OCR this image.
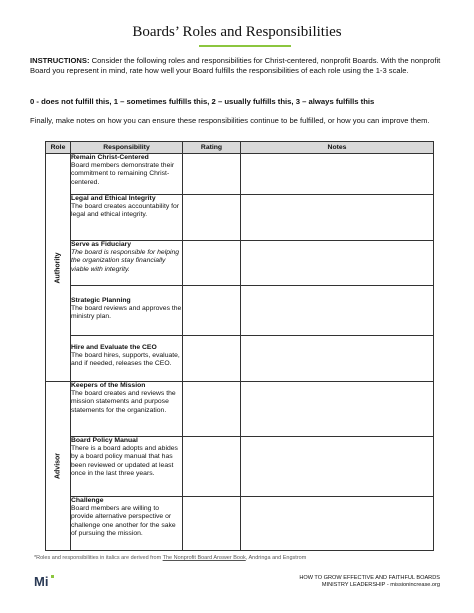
Boards’ Roles and Responsibilities
INSTRUCTIONS: Consider the following roles and responsibilities for Christ-centered, nonprofit Boards. With the nonprofit Board you represent in mind, rate how well your Board fulfills the responsibilities of each role using the 1-3 scale.
0 - does not fulfill this, 1 – sometimes fulfills this, 2 – usually fulfills this, 3 – always fulfills this
Finally, make notes on how you can ensure these responsibilities continue to be fulfilled, or how you can improve them.
Role	Responsibility	Rating	Notes

Authority	Remain Christ-Centered
Board members demonstrate their commitment to remaining Christ-centered.		

	Legal and Ethical Integrity
The board creates accountability for legal and ethical integrity.		

	Serve as Fiduciary
The board is responsible for helping the organization stay financially viable with integrity.		

	Strategic Planning
The board reviews and approves the ministry plan.		

	Hire and Evaluate the CEO
The board hires, supports, evaluate, and if needed, releases the CEO.		

Advisor	Keepers of the Mission
The board creates and reviews the mission statements and purpose statements for the organization.		

	Board Policy Manual
There is a board adopts and abides by a board policy manual that has been reviewed or updated at least once in the last three years.		

	Challenge
Board members are willing to provide alternative perspective or challenge one another for the sake of pursuing the mission.		
*Roles and responsibilities in italics are derived from The Nonprofit Board Answer Book, Andringa and Engstrom
Mi	HOW TO GROW EFFECTIVE AND FAITHFUL BOARDS
MINISTRY LEADERSHIP - missionincrease.org
